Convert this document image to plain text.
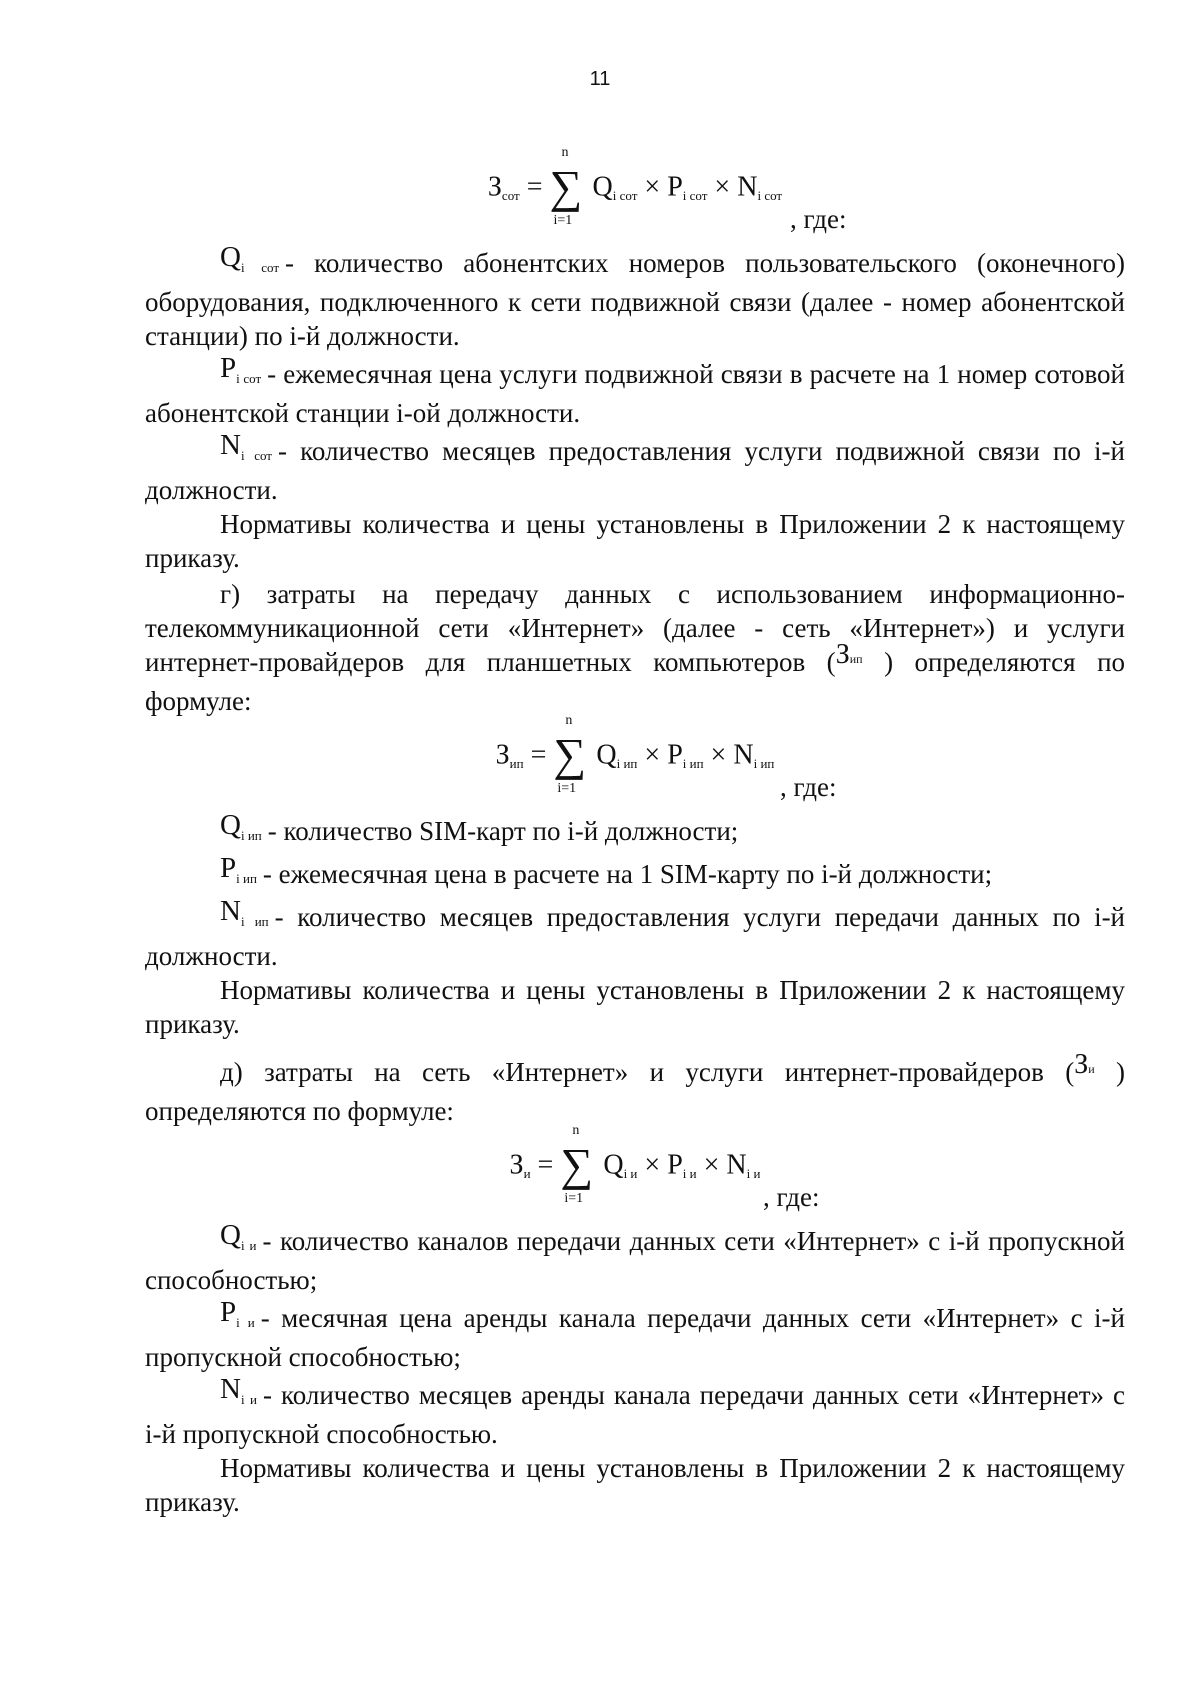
11
$З_{сот}$ =
n
∑
i=1
$Q_{i сот} \times P_{i сот} \times N_{i сот}$
, где:

Qi сот - количество абонентских номеров пользовательского (оконечного) оборудования, подключенного к сети подвижной связи (далее - номер абонентской станции) по i-й должности.

Pi сот - ежемесячная цена услуги подвижной связи в расчете на 1 номер сотовой абонентской станции i-ой должности.

Ni сот - количество месяцев предоставления услуги подвижной связи по i-й должности.

Нормативы количества и цены установлены в Приложении 2 к настоящему приказу.

г) затраты на передачу данных с использованием информационно-телекоммуникационной сети «Интернет» (далее - сеть «Интернет») и услуги интернет-провайдеров для планшетных компьютеров ($З^{ип}$ ) определяются по формуле:

$З_{ип}$ =
n
∑
i=1
$Q_{i ип} \times P_{i ип} \times N_{i ип}$
, где:

Qi ип - количество SIM-карт по i-й должности;

Pi ип - ежемесячная цена в расчете на 1 SIM-карту по i-й должности;

Ni ип - количество месяцев предоставления услуги передачи данных по i-й должности.

Нормативы количества и цены установлены в Приложении 2 к настоящему приказу.

д) затраты на сеть «Интернет» и услуги интернет-провайдеров ($З^и$ ) определяются по формуле:

$З_и$ =
n
∑
i=1
$Q_{i и} \times P_{i и} \times N_{i и}$
, где:

Qi и - количество каналов передачи данных сети «Интернет» с i-й пропускной способностью;

Pi и - месячная цена аренды канала передачи данных сети «Интернет» с i-й пропускной способностью;

Ni и - количество месяцев аренды канала передачи данных сети «Интернет» с i-й пропускной способностью.

Нормативы количества и цены установлены в Приложении 2 к настоящему приказу.
